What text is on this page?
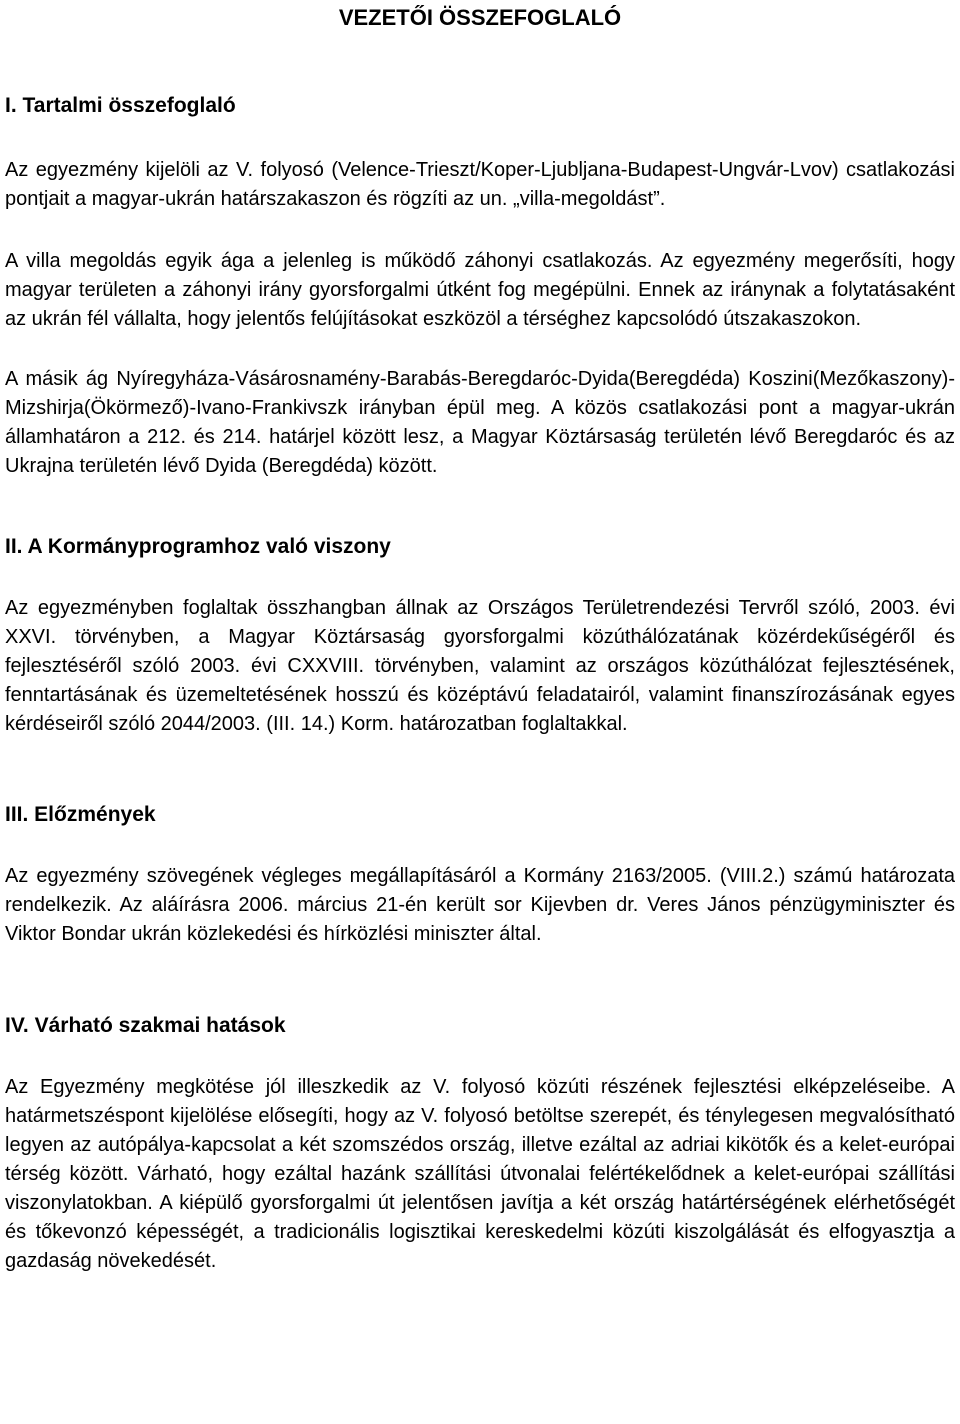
VEZETŐI ÖSSZEFOGLALÓ
I. Tartalmi összefoglaló

Az egyezmény kijelöli az V. folyosó (Velence-Trieszt/Koper-Ljubljana-Budapest-Ungvár-Lvov) csatlakozási pontjait a magyar-ukrán határszakaszon és rögzíti az un. „villa-megoldást”.

A villa megoldás egyik ága a jelenleg is működő záhonyi csatlakozás. Az egyezmény megerősíti, hogy magyar területen a záhonyi irány gyorsforgalmi útként fog megépülni. Ennek az iránynak a folytatásaként az ukrán fél vállalta, hogy jelentős felújításokat eszközöl a térséghez kapcsolódó útszakaszokon.

A másik ág Nyíregyháza-Vásárosnamény-Barabás-Beregdaróc-Dyida(Beregdéda) Koszini(Mezőkaszony)-Mizshirja(Ökörmező)-Ivano-Frankivszk irányban épül meg. A közös csatlakozási pont a magyar-ukrán államhatáron a 212. és 214. határjel között lesz, a Magyar Köztársaság területén lévő Beregdaróc és az Ukrajna területén lévő Dyida (Beregdéda) között.

II. A Kormányprogramhoz való viszony

Az egyezményben foglaltak összhangban állnak az Országos Területrendezési Tervről szóló, 2003. évi XXVI. törvényben, a Magyar Köztársaság gyorsforgalmi közúthálózatának közérdekűségéről és fejlesztéséről szóló 2003. évi CXXVIII. törvényben, valamint az országos közúthálózat fejlesztésének, fenntartásának és üzemeltetésének hosszú és középtávú feladatairól, valamint finanszírozásának egyes kérdéseiről szóló 2044/2003. (III. 14.) Korm. határozatban foglaltakkal.

III. Előzmények

Az egyezmény szövegének végleges megállapításáról a Kormány 2163/2005. (VIII.2.) számú határozata rendelkezik. Az aláírásra 2006. március 21-én került sor Kijevben dr. Veres János pénzügyminiszter és Viktor Bondar ukrán közlekedési és hírközlési miniszter által.

IV. Várható szakmai hatások

Az Egyezmény megkötése jól illeszkedik az V. folyosó közúti részének fejlesztési elképzeléseibe. A határmetszéspont kijelölése elősegíti, hogy az V. folyosó betöltse szerepét, és ténylegesen megvalósítható legyen az autópálya-kapcsolat a két szomszédos ország, illetve ezáltal az adriai kikötők és a kelet-európai térség között. Várható, hogy ezáltal hazánk szállítási útvonalai felértékelődnek a kelet-európai szállítási viszonylatokban. A kiépülő gyorsforgalmi út jelentősen javítja a két ország határtérségének elérhetőségét és tőkevonzó képességét, a tradicionális logisztikai kereskedelmi közúti kiszolgálását és elfogyasztja a gazdaság növekedését.
